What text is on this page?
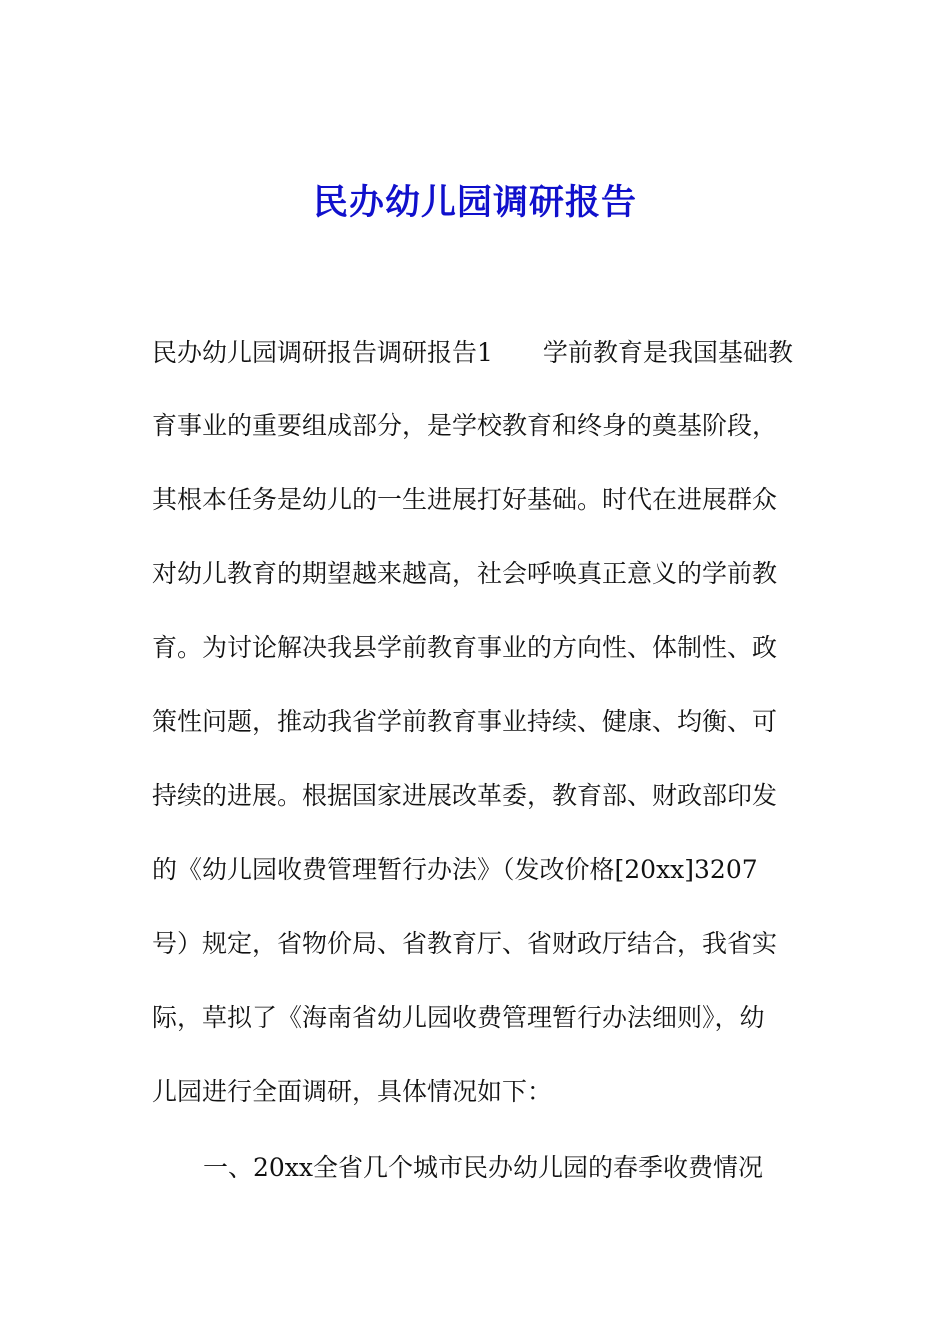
民办幼儿园调研报告
民办幼儿园调研报告调研报告1　　学前教育是我国基础教
育事业的重要组成部分，是学校教育和终身的奠基阶段，
其根本任务是幼儿的一生进展打好基础。时代在进展群众
对幼儿教育的期望越来越高，社会呼唤真正意义的学前教
育。为讨论解决我县学前教育事业的方向性、体制性、政
策性问题，推动我省学前教育事业持续、健康、均衡、可
持续的进展。根据国家进展改革委，教育部、财政部印发
的《幼儿园收费管理暂行办法》（发改价格[20xx]3207
号）规定，省物价局、省教育厅、省财政厅结合，我省实
际，草拟了《海南省幼儿园收费管理暂行办法细则》，幼
儿园进行全面调研，具体情况如下：
一、20xx全省几个城市民办幼儿园的春季收费情况
